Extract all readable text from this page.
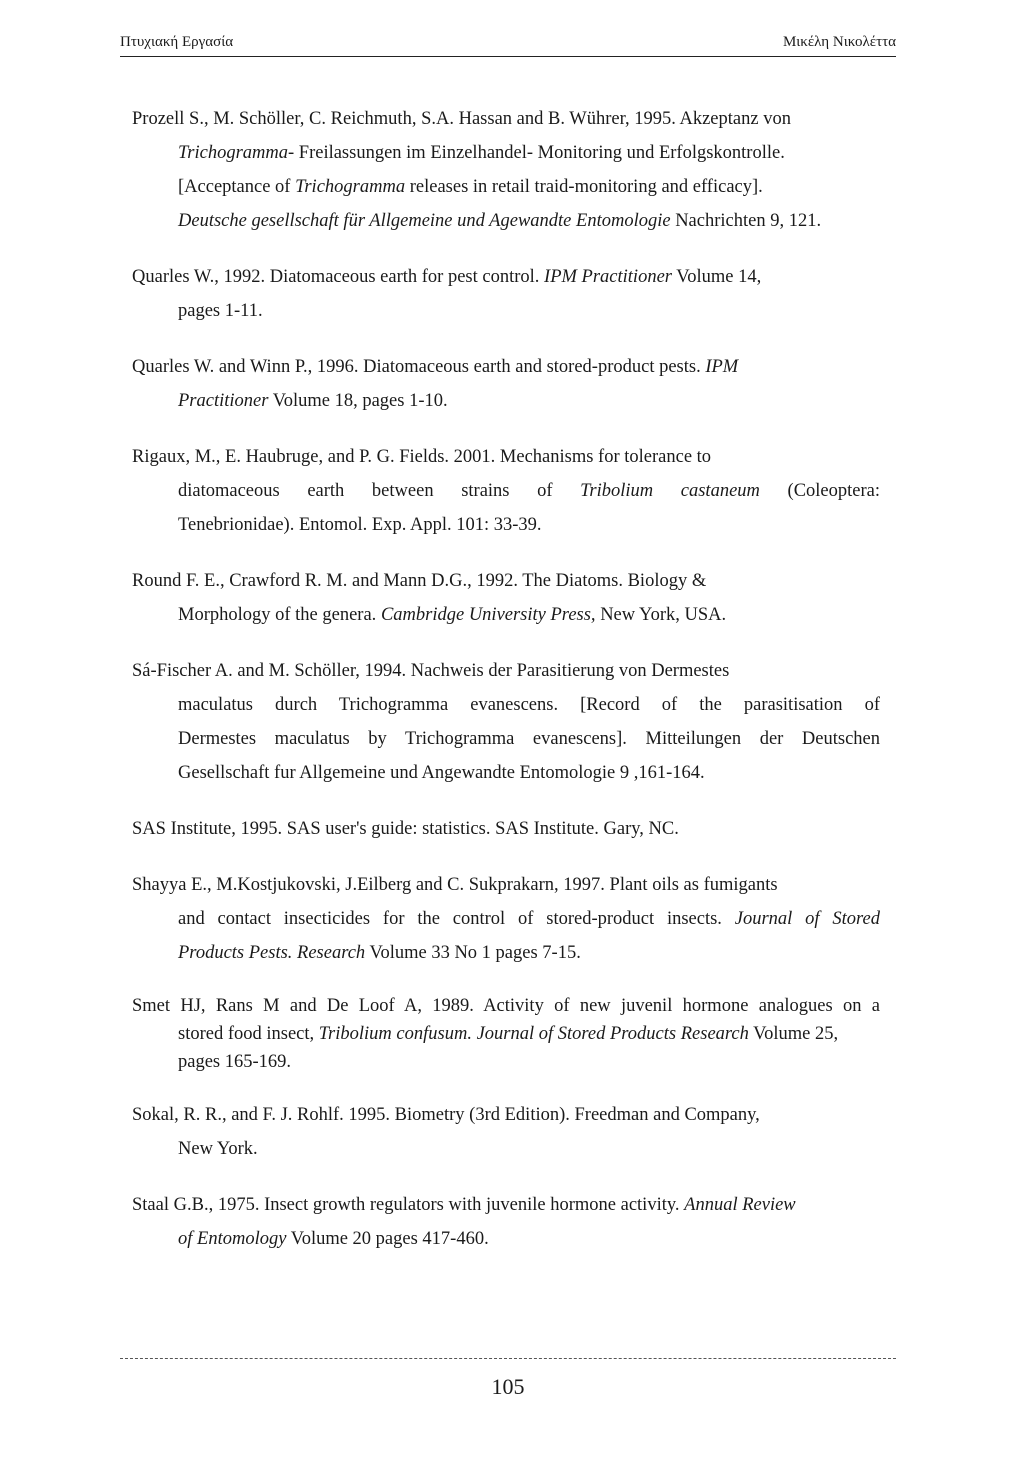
Πτυχιακή Εργασία	Μικέλη Νικολέττα
Prozell S., M. Schöller, C. Reichmuth, S.A. Hassan and B. Wührer, 1995. Akzeptanz von
Trichogramma- Freilassungen im Einzelhandel- Monitoring und Erfolgskontrolle.
[Acceptance of Trichogramma releases in retail traid-monitoring and efficacy].
Deutsche gesellschaft für Allgemeine und Agewandte Entomologie Nachrichten 9, 121.
Quarles W., 1992. Diatomaceous earth for pest control. IPM Practitioner Volume 14,
pages 1-11.
Quarles W. and Winn P., 1996. Diatomaceous earth and stored-product pests. IPM
Practitioner Volume 18, pages 1-10.
Rigaux, M., E. Haubruge, and P. G. Fields. 2001. Mechanisms for tolerance to
diatomaceous earth between strains of Tribolium castaneum (Coleoptera:
Tenebrionidae). Entomol. Exp. Appl. 101: 33-39.
Round F. E., Crawford R. M. and Mann D.G., 1992. The Diatoms. Biology &
Morphology of the genera. Cambridge University Press, New York, USA.
Sá-Fischer A. and M. Schöller, 1994. Nachweis der Parasitierung von Dermestes
maculatus durch Trichogramma evanescens. [Record of the parasitisation of
Dermestes maculatus by Trichogramma evanescens]. Mitteilungen der Deutschen
Gesellschaft fur Allgemeine und Angewandte Entomologie 9 ,161-164.
SAS Institute, 1995. SAS user's guide: statistics. SAS Institute. Gary, NC.
Shayya E., M.Kostjukovski, J.Eilberg and C. Sukprakarn, 1997. Plant oils as fumigants
and contact insecticides for the control of stored-product insects. Journal of Stored
Products Pests. Research Volume 33 No 1 pages 7-15.
Smet HJ, Rans M and De Loof A, 1989. Activity of new juvenil hormone analogues on a
stored food insect, Tribolium confusum. Journal of Stored Products Research Volume 25,
pages 165-169.
Sokal, R. R., and F. J. Rohlf. 1995. Biometry (3rd Edition). Freedman and Company,
New York.
Staal G.B., 1975. Insect growth regulators with juvenile hormone activity. Annual Review
of Entomology Volume 20 pages 417-460.
105
